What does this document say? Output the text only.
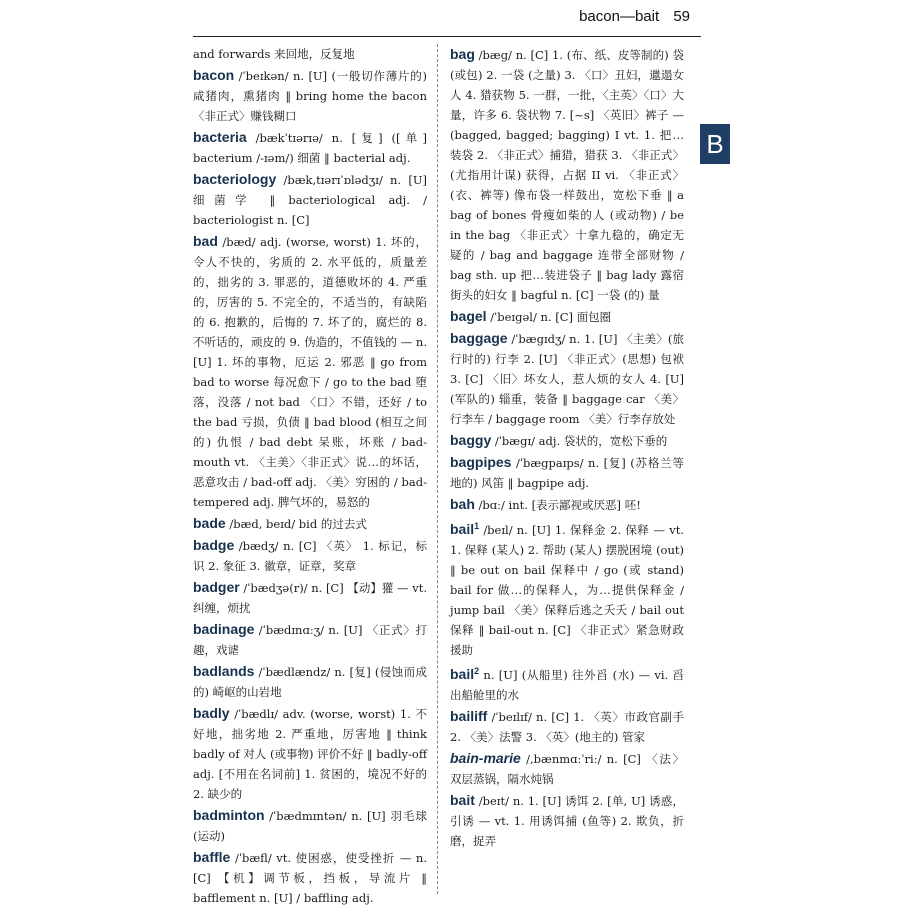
bacon—bait 59
and forwards 来回地，反复地
bacon /ˈbeɪkən/ n. [U] (一般切作薄片的) 咸猪肉，熏猪肉 ‖ bring home the bacon 〈非正式〉赚钱糊口
bacteria /bækˈtɪərɪə/ n. [复] ([单] bacterium /-ɪəm/) 细菌 ‖ bacterial adj.
bacteriology /bæk,tɪərɪˈɒlədʒɪ/ n. [U] 细菌学 ‖ bacteriological adj. / bacteriologist n. [C]
bad /bæd/ adj. (worse, worst) 1. 坏的，令人不快的，劣质的 2. 水平低的，质量差的，拙劣的 3. 罪恶的，道德败坏的 4. 严重的，厉害的 5. 不完全的，不适当的，有缺陷的 6. 抱歉的，后悔的 7. 坏了的，腐烂的 8. 不听话的，顽皮的 9. 伪造的，不值钱的 — n. [U] 1. 坏的事物，厄运 2. 邪恶 ‖ go from bad to worse 每况愈下 / go to the bad 堕落，没落 / not bad 〈口〉不错，还好 / to the bad 亏损，负债 ‖ bad blood (相互之间的) 仇恨 / bad debt 呆账，坏账 / bad-mouth vt. 〈主美〉〈非正式〉说…的坏话，恶意攻击 / bad-off adj. 〈美〉穷困的 / bad-tempered adj. 脾气坏的，易怒的
bade /bæd, beɪd/ bid 的过去式
badge /bædʒ/ n. [C] 〈英〉 1. 标记，标识 2. 象征 3. 徽章，证章，奖章
badger /ˈbædʒə(r)/ n. [C] 【动】獾 — vt. 纠缠，烦扰
badinage /ˈbædɪnɑːʒ/ n. [U] 〈正式〉打趣，戏谑
badlands /ˈbædlændz/ n. [复] (侵蚀而成的) 崎岖的山岩地
badly /ˈbædlɪ/ adv. (worse, worst) 1. 不好地，拙劣地 2. 严重地，厉害地 ‖ think badly of 对人 (或事物) 评价不好 ‖ badly-off adj. [不用在名词前] 1. 贫困的，境况不好的 2. 缺少的
badminton /ˈbædmɪntən/ n. [U] 羽毛球 (运动)
baffle /ˈbæfl/ vt. 使困惑，使受挫折 — n. [C] 【机】调节板，挡板，导流片 ‖ bafflement n. [U] / baffling adj.
bag /bæg/ n. [C] 1. (布、纸、皮等制的) 袋 (或包) 2. 一袋 (之量) 3. 〈口〉丑妇，邋遢女人 4. 猎获物 5. 一群，一批，〈主英〉〈口〉大量，许多 6. 袋状物 7. [~s] 〈英旧〉裤子 — (bagged, bagged; bagging) I vt. 1. 把…装袋 2. 〈非正式〉捕猎，猎获 3. 〈非正式〉(尤指用计谋) 获得，占据 II vi. 〈非正式〉(衣、裤等) 像布袋一样鼓出，宽松下垂 ‖ a bag of bones 骨瘦如柴的人 (或动物) / be in the bag 〈非正式〉十拿九稳的，确定无疑的 / bag and baggage 连带全部财物 / bag sth. up 把…装进袋子 ‖ bag lady 露宿街头的妇女 ‖ bagful n. [C] 一袋 (的) 量
bagel /ˈbeɪgəl/ n. [C] 面包圈
baggage /ˈbægɪdʒ/ n. 1. [U] 〈主美〉(旅行时的) 行李 2. [U] 〈非正式〉(思想) 包袱 3. [C] 〈旧〉坏女人，惹人烦的女人 4. [U] (军队的) 辎重，装备 ‖ baggage car 〈美〉行李车 / baggage room 〈美〉行李存放处
baggy /ˈbægɪ/ adj. 袋状的，宽松下垂的
bagpipes /ˈbægpaɪps/ n. [复] (苏格兰等地的) 风笛 ‖ bagpipe adj.
bah /bɑː/ int. [表示鄙视或厌恶] 呸!
bail$^1$ /beɪl/ n. [U] 1. 保释金 2. 保释 — vt. 1. 保释 (某人) 2. 帮助 (某人) 摆脱困境 (out) ‖ be out on bail 保释中 / go (或 stand) bail for 做…的保释人，为…提供保释金 / jump bail 〈美〉保释后逃之夭夭 / bail out 保释 ‖ bail-out n. [C] 〈非正式〉紧急财政援助
bail$^2$ n. [U] (从船里) 往外舀 (水) — vi. 舀出船舱里的水
bailiff /ˈbeɪlɪf/ n. [C] 1. 〈英〉市政官副手 2. 〈美〉法警 3. 〈英〉(地主的) 管家
bain-marie /,bænmɑːˈriː/ n. [C] 〈法〉双层蒸锅，隔水炖锅
bait /beɪt/ n. 1. [U] 诱饵 2. [单, U] 诱惑，引诱 — vt. 1. 用诱饵捕 (鱼等) 2. 欺负，折磨，捉弄
B
